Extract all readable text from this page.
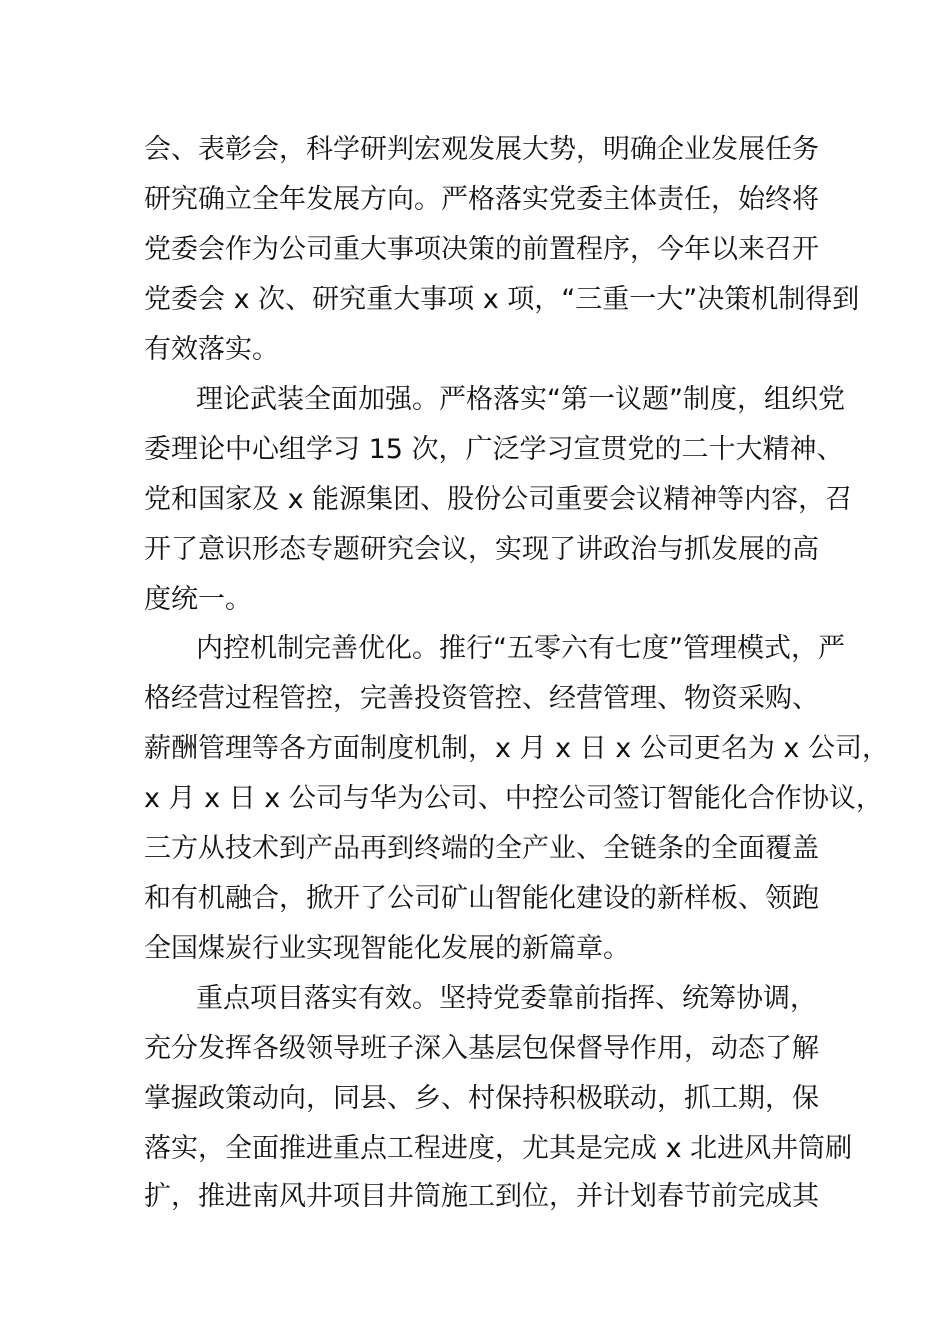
会、表彰会，科学研判宏观发展大势，明确企业发展任务
研究确立全年发展方向。严格落实党委主体责任，始终将
党委会作为公司重大事项决策的前置程序，今年以来召开
党委会 x 次、研究重大事项 x 项，“三重一大”决策机制得到
有效落实。
理论武装全面加强。严格落实“第一议题”制度，组织党
委理论中心组学习 15 次，广泛学习宣贯党的二十大精神、
党和国家及 x 能源集团、股份公司重要会议精神等内容，召
开了意识形态专题研究会议，实现了讲政治与抓发展的高
度统一。
内控机制完善优化。推行“五零六有七度”管理模式，严
格经营过程管控，完善投资管控、经营管理、物资采购、
薪酬管理等各方面制度机制，x 月 x 日 x 公司更名为 x 公司，
x 月 x 日 x 公司与华为公司、中控公司签订智能化合作协议，
三方从技术到产品再到终端的全产业、全链条的全面覆盖
和有机融合，掀开了公司矿山智能化建设的新样板、领跑
全国煤炭行业实现智能化发展的新篇章。
重点项目落实有效。坚持党委靠前指挥、统筹协调，
充分发挥各级领导班子深入基层包保督导作用，动态了解
掌握政策动向，同县、乡、村保持积极联动，抓工期，保
落实，全面推进重点工程进度，尤其是完成 x 北进风井筒刷
扩，推进南风井项目井筒施工到位，并计划春节前完成其
